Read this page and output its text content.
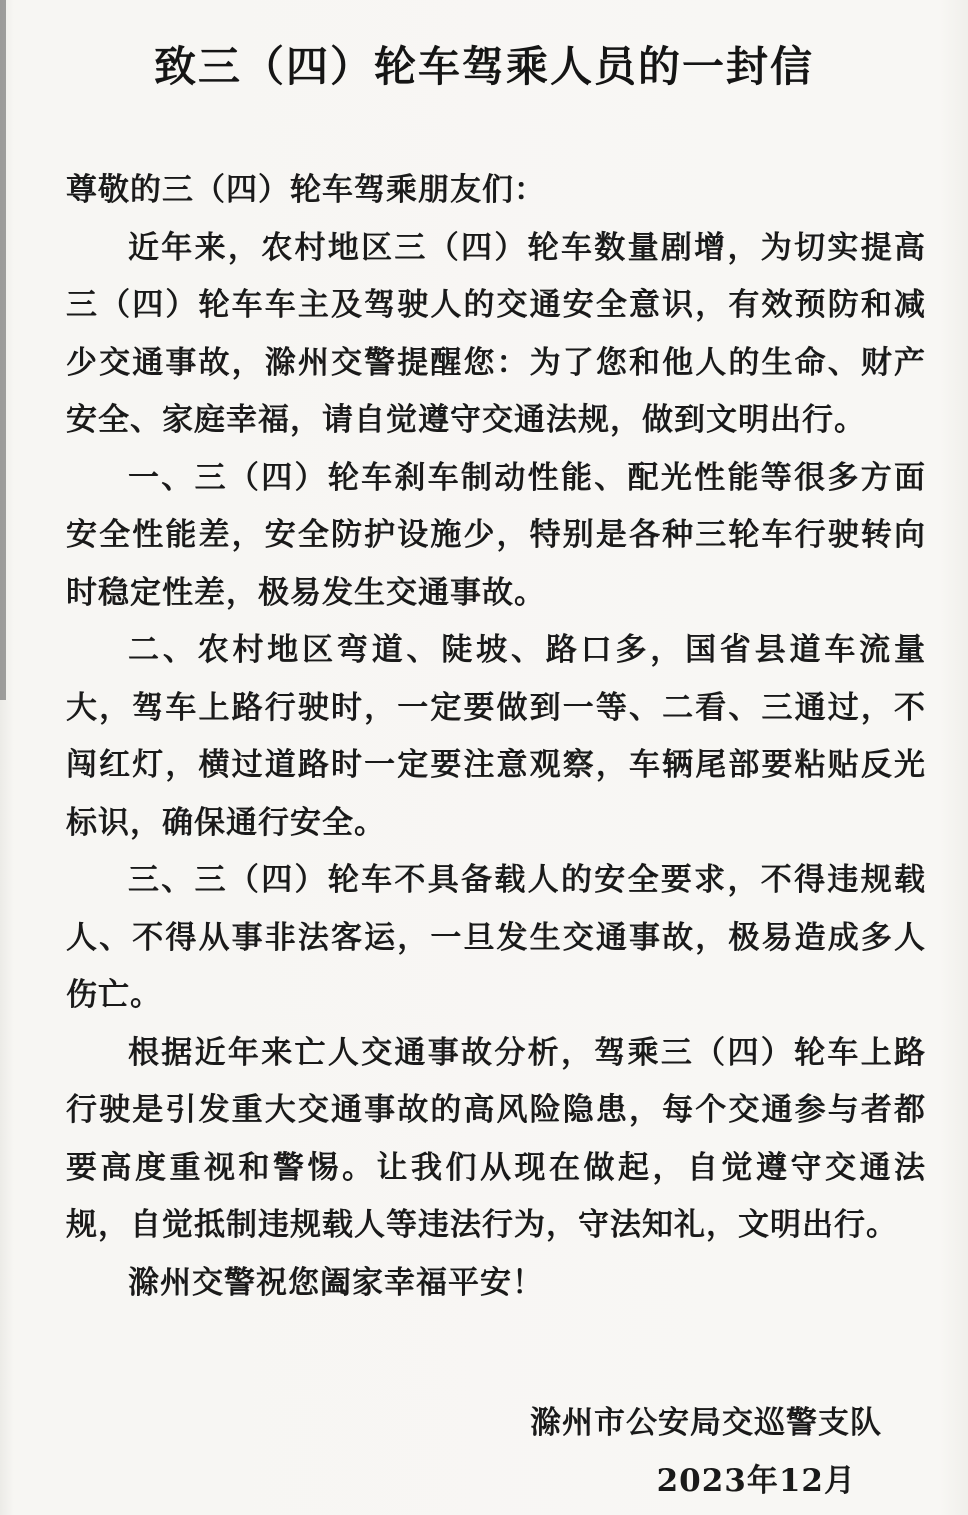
致三（四）轮车驾乘人员的一封信

尊敬的三（四）轮车驾乘朋友们：

近年来，农村地区三（四）轮车数量剧增，为切实提高三（四）轮车车主及驾驶人的交通安全意识，有效预防和减少交通事故，滁州交警提醒您：为了您和他人的生命、财产安全、家庭幸福，请自觉遵守交通法规，做到文明出行。

一、三（四）轮车刹车制动性能、配光性能等很多方面安全性能差，安全防护设施少，特别是各种三轮车行驶转向时稳定性差，极易发生交通事故。

二、农村地区弯道、陡坡、路口多，国省县道车流量大，驾车上路行驶时，一定要做到一等、二看、三通过，不闯红灯，横过道路时一定要注意观察，车辆尾部要粘贴反光标识，确保通行安全。

三、三（四）轮车不具备载人的安全要求，不得违规载人、不得从事非法客运，一旦发生交通事故，极易造成多人伤亡。

根据近年来亡人交通事故分析，驾乘三（四）轮车上路行驶是引发重大交通事故的高风险隐患，每个交通参与者都要高度重视和警惕。让我们从现在做起，自觉遵守交通法规，自觉抵制违规载人等违法行为，守法知礼，文明出行。

滁州交警祝您阖家幸福平安！

滁州市公安局交巡警支队
2023年12月
